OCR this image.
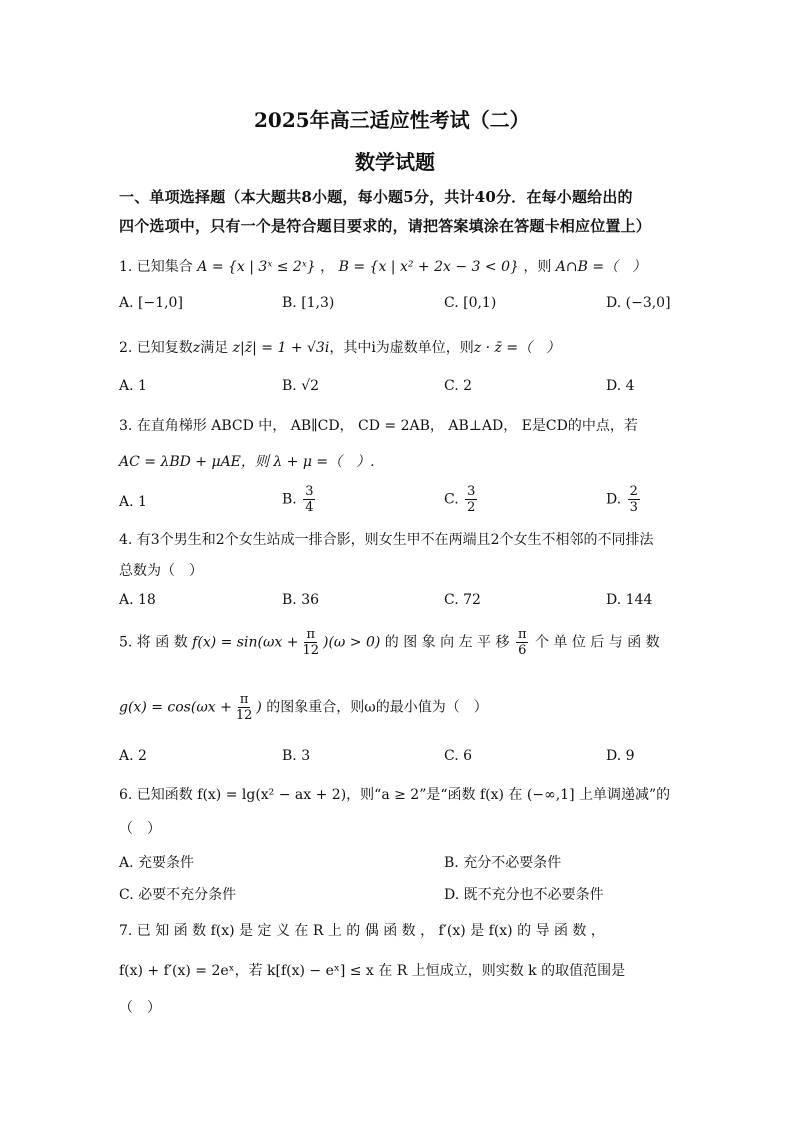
2025年高三适应性考试（二）
数学试题
一、单项选择题（本大题共8小题，每小题5分，共计40分．在每小题给出的
四个选项中，只有一个是符合题目要求的，请把答案填涂在答题卡相应位置上）
1. 已知集合 A = {x | 3ˣ ≤ 2ˣ} ， B = {x | x² + 2x − 3 < 0} ，则 A∩B =（　）
A. [−1,0]	B. [1,3)	C. [0,1)	D. (−3,0]
2. 已知复数z满足 z|z̄| = 1 + √3i，其中i为虚数单位，则z · z̄ =（　）
A. 1	B. √2	C. 2	D. 4
3. 在直角梯形 ABCD 中， AB∥CD， CD = 2AB， AB⊥AD， E是CD的中点，若
AC = λBD + μAE，则 λ + μ =（　）.
A. 1	B. $\frac{3}{4}$	C. $\frac{3}{2}$	D. $\frac{2}{3}$
4. 有3个男生和2个女生站成一排合影，则女生甲不在两端且2个女生不相邻的不同排法
总数为（　）
A. 18	B. 36	C. 72	D. 144
5. 将 函 数 $f(x) = \sin(\omega x + \frac{\pi}{12} )(\omega > 0)$ 的 图 象 向 左 平 移 $\frac{\pi}{6}$ 个 单 位 后 与 函 数
$g(x) = \cos(\omega x + \frac{\pi}{12}$ ) 的图象重合，则ω的最小值为（　）
A. 2	B. 3	C. 6	D. 9
6. 已知函数 f(x) = lg(x² − ax + 2)，则“a ≥ 2”是“函数 f(x) 在 (−∞,1] 上单调递减”的
（　）
A. 充要条件	B. 充分不必要条件
C. 必要不充分条件	D. 既不充分也不必要条件
7. 已 知 函 数 f(x) 是 定 义 在 R 上 的 偶 函 数 ， f′(x) 是 f(x) 的 导 函 数 ，
f(x) + f′(x) = 2eˣ，若 k[f(x) − eˣ] ≤ x 在 R 上恒成立，则实数 k 的取值范围是
（　）
